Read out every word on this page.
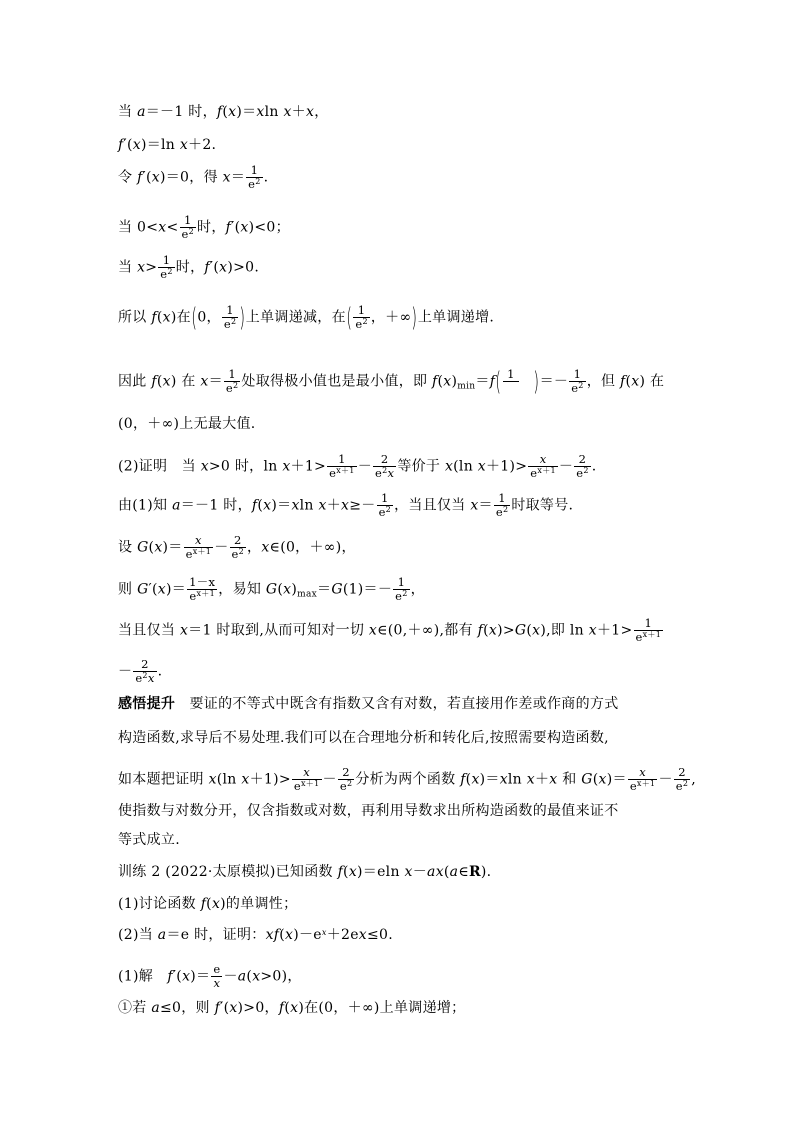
当 a＝－1 时，f(x)＝xln x＋x，
f′(x)＝ln x＋2.
令 f′(x)＝0，得 $x= \frac{1}{e^2}$ .
当 $0<x< \frac{1}{e^2}$ 时，f′(x)<0；
当 $x> \frac{1}{e^2}$ 时，f′(x)>0.
所以 f(x)在(0， $\frac{1}{e^2}$ )上单调递减，在( $\frac{1}{e^2}$ ，＋∞)上单调递增.
因此 f(x) 在 $x= \frac{1}{e^2}$ 处取得极小值也是最小值，即 $f(x)_{min}=f$( 1 )＝－ $\frac{1}{e^2}$ ，但 f(x) 在
(0，＋∞)上无最大值.
(2)证明　当 x>0 时，$\ln x+1> \frac{1}{e^{x+1}} - \frac{2}{e^2x}$ 等价于 x(ln $x+1)> \frac{x}{e^{x+1}} - \frac{2}{e^2}$ .
由(1)知 a＝－1 时，f(x)＝xln $x+x\ge- \frac{1}{e^2}$ ，当且仅当 $x= \frac{1}{e^2}$ 时取等号.
设 $G(x)= \frac{x}{e^{x+1}} - \frac{2}{e^2}$ ，x∈(0，＋∞)，
则 $G'(x)= \frac{1-x}{e^{x+1}}$ ，易知 $G(x)_{max}=G(1)=- \frac{1}{e^2}$ ，
当且仅当 x＝1 时取到,从而可知对一切 x∈(0,＋∞),都有 f(x)>G(x),即 $\ln x+1> \frac{1}{e^{x+1}}$
－ $\frac{2}{e^2x}$ .
感悟提升　要证的不等式中既含有指数又含有对数，若直接用作差或作商的方式
构造函数,求导后不易处理.我们可以在合理地分析和转化后,按照需要构造函数,
如本题把证明 x(ln $x+1)> \frac{x}{e^{x+1}} - \frac{2}{e^2}$ 分析为两个函数 f(x)＝xln x＋x 和 $G(x)= \frac{x}{e^{x+1}} - \frac{2}{e^2}$ ,
使指数与对数分开，仅含指数或对数，再利用导数求出所构造函数的最值来证不
等式成立.
训练 2 (2022·太原模拟)已知函数 f(x)＝eln x－ax(a∈R).
(1)讨论函数 f(x)的单调性；
(2)当 a＝e 时，证明：$xf(x)-e^x+2ex\le 0$.
(1)解　$f'(x)= \frac{e}{x} -a(x>0)$，
①若 a≤0，则 f′(x)>0，f(x)在(0，＋∞)上单调递增；
